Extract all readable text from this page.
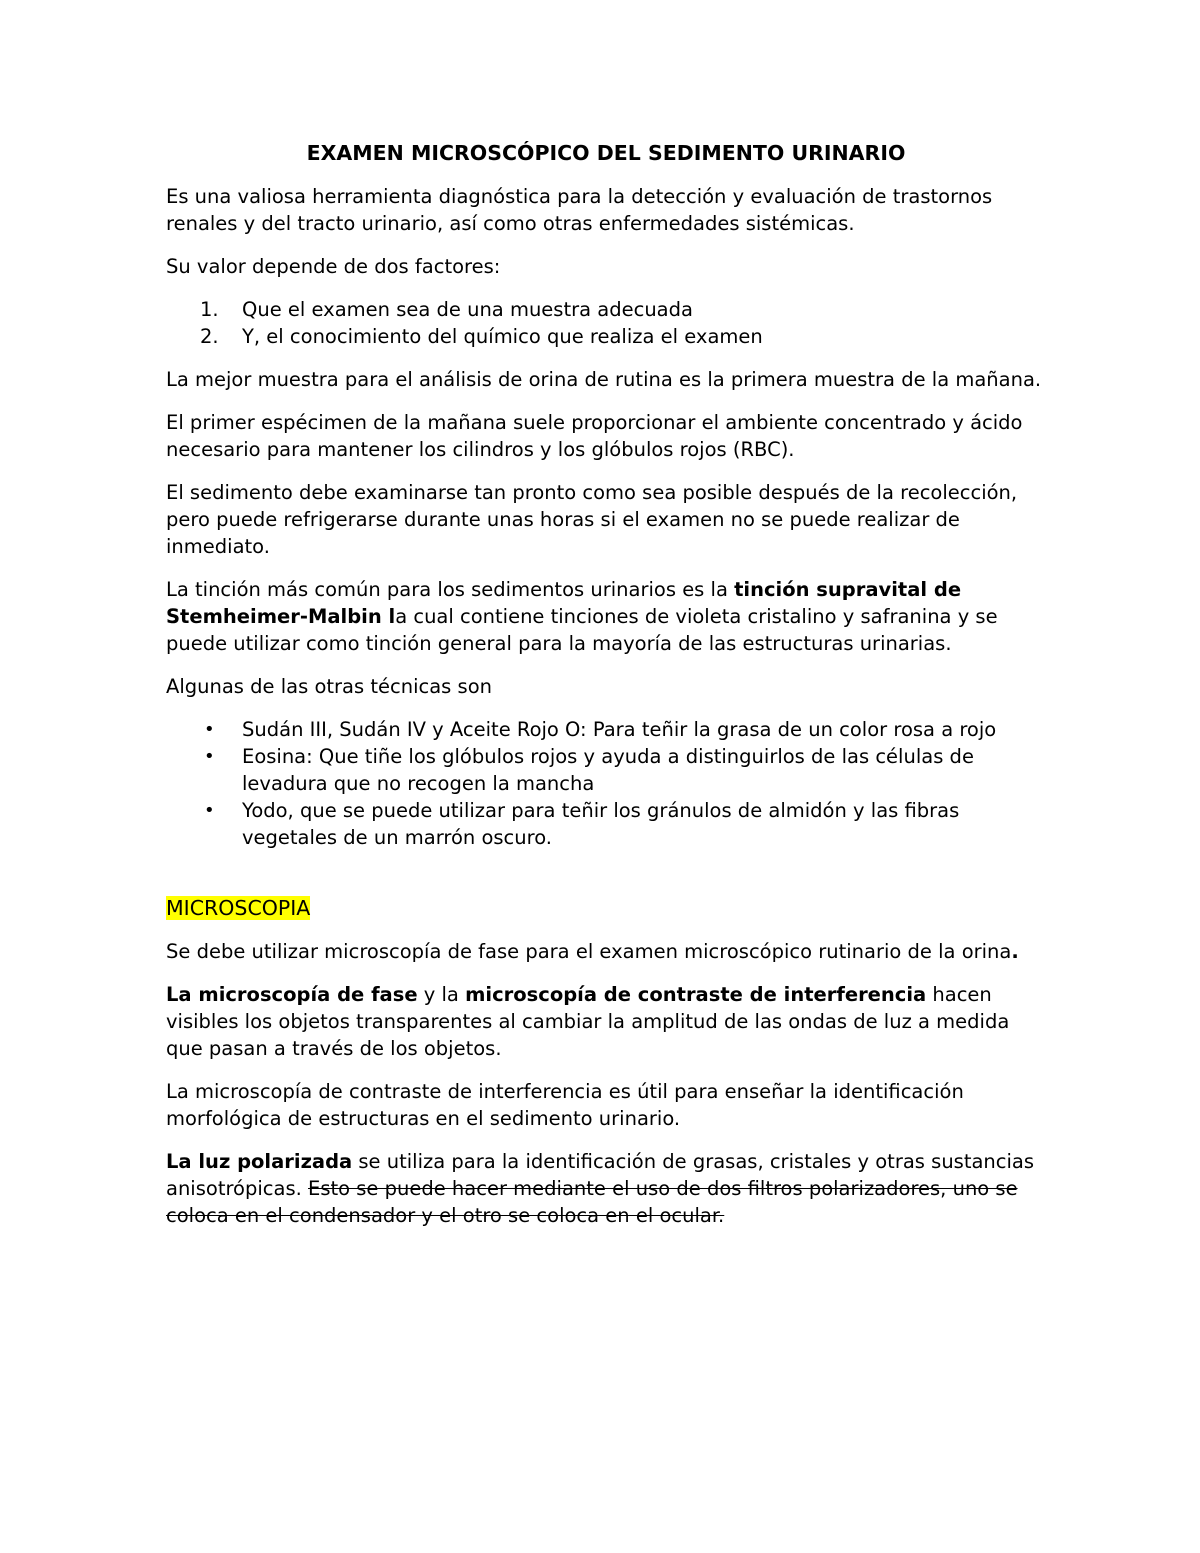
EXAMEN MICROSCÓPICO DEL SEDIMENTO URINARIO

Es una valiosa herramienta diagnóstica para la detección y evaluación de trastornos renales y del tracto urinario, así como otras enfermedades sistémicas.

Su valor depende de dos factores:

1. Que el examen sea de una muestra adecuada
2. Y, el conocimiento del químico que realiza el examen

La mejor muestra para el análisis de orina de rutina es la primera muestra de la mañana.

El primer espécimen de la mañana suele proporcionar el ambiente concentrado y ácido necesario para mantener los cilindros y los glóbulos rojos (RBC).

El sedimento debe examinarse tan pronto como sea posible después de la recolección, pero puede refrigerarse durante unas horas si el examen no se puede realizar de inmediato.

La tinción más común para los sedimentos urinarios es la tinción supravital de Stemheimer-Malbin la cual contiene tinciones de violeta cristalino y safranina y se puede utilizar como tinción general para la mayoría de las estructuras urinarias.

Algunas de las otras técnicas son

• Sudán III, Sudán IV y Aceite Rojo O: Para teñir la grasa de un color rosa a rojo
• Eosina: Que tiñe los glóbulos rojos y ayuda a distinguirlos de las células de levadura que no recogen la mancha
• Yodo, que se puede utilizar para teñir los gránulos de almidón y las fibras vegetales de un marrón oscuro.

MICROSCOPIA

Se debe utilizar microscopía de fase para el examen microscópico rutinario de la orina.

La microscopía de fase y la microscopía de contraste de interferencia hacen visibles los objetos transparentes al cambiar la amplitud de las ondas de luz a medida que pasan a través de los objetos.

La microscopía de contraste de interferencia es útil para enseñar la identificación morfológica de estructuras en el sedimento urinario.

La luz polarizada se utiliza para la identificación de grasas, cristales y otras sustancias anisotrópicas. Esto se puede hacer mediante el uso de dos filtros polarizadores, uno se coloca en el condensador y el otro se coloca en el ocular.
